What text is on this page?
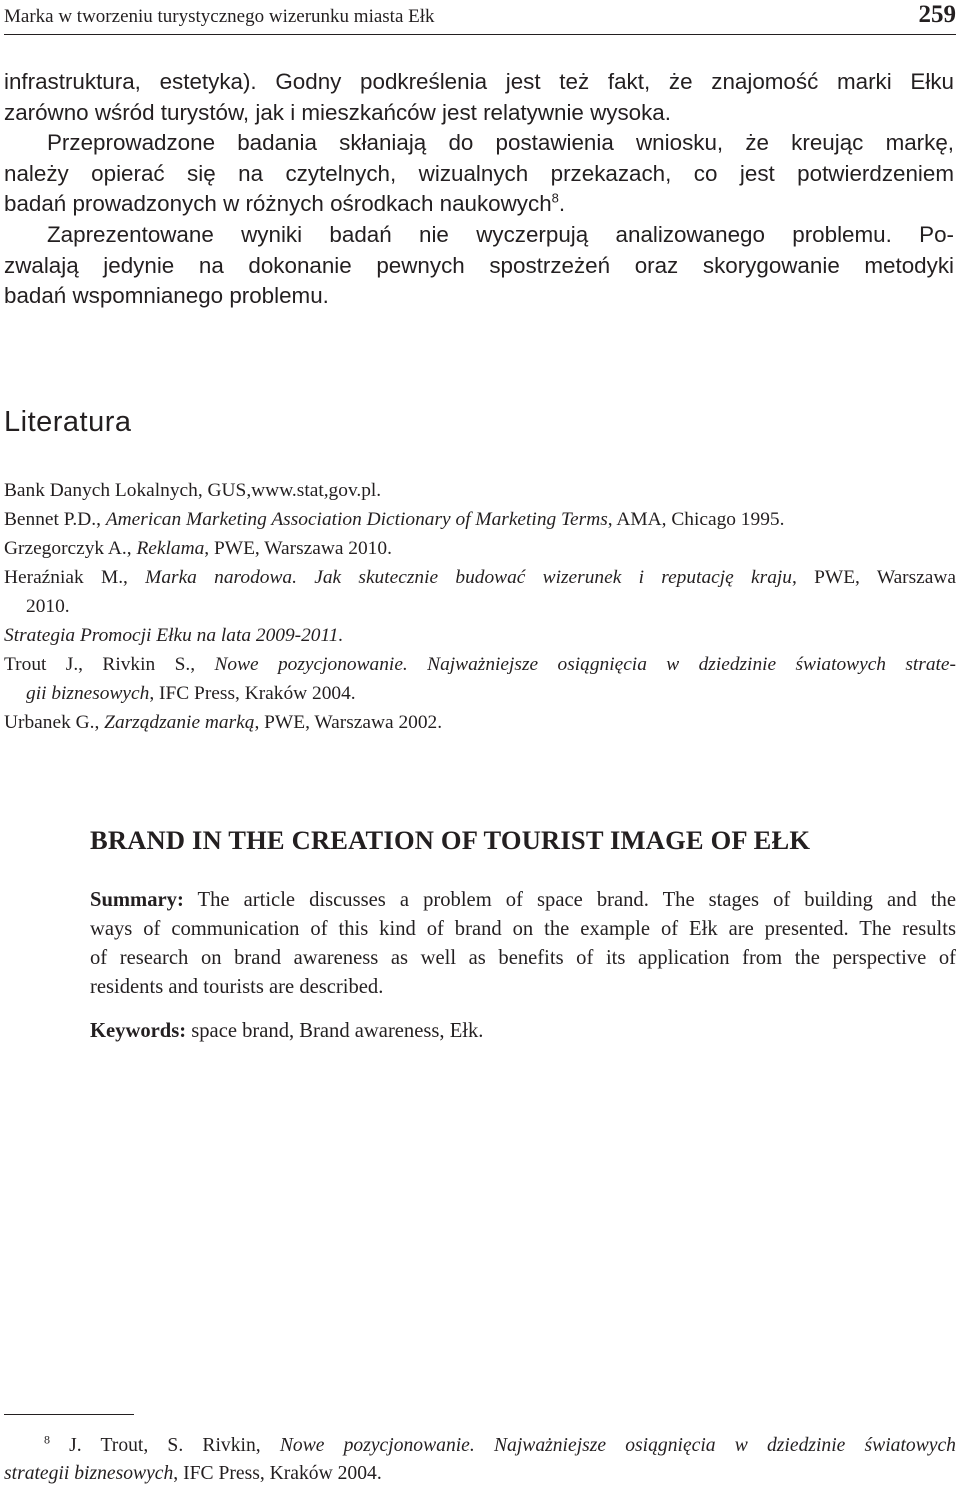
Marka w tworzeniu turystycznego wizerunku miasta Ełk	259
infrastruktura, estetyka). Godny podkreślenia jest też fakt, że znajomość marki Ełku
zarówno wśród turystów, jak i mieszkańców jest relatywnie wysoka.
Przeprowadzone badania skłaniają do postawienia wniosku, że kreując markę,
należy opierać się na czytelnych, wizualnych przekazach, co jest potwierdzeniem
badań prowadzonych w różnych ośrodkach naukowych$^8$.
Zaprezentowane wyniki badań nie wyczerpują analizowanego problemu. Po-
zwalają jedynie na dokonanie pewnych spostrzeżeń oraz skorygowanie metodyki
badań wspomnianego problemu.
Literatura
Bank Danych Lokalnych, GUS,www.stat,gov.pl.
Bennet P.D., American Marketing Association Dictionary of Marketing Terms, AMA, Chicago 1995.
Grzegorczyk A., Reklama, PWE, Warszawa 2010.
Heraźniak M., Marka narodowa. Jak skutecznie budować wizerunek i reputację kraju, PWE, Warszawa
2010.
Strategia Promocji Ełku na lata 2009-2011.
Trout J., Rivkin S., Nowe pozycjonowanie. Najważniejsze osiągnięcia w dziedzinie światowych strate-
gii biznesowych, IFC Press, Kraków 2004.
Urbanek G., Zarządzanie marką, PWE, Warszawa 2002.
BRAND IN THE CREATION OF TOURIST IMAGE OF EŁK
Summary: The article discusses a problem of space brand. The stages of building and the
ways of communication of this kind of brand on the example of Ełk are presented. The results
of research on brand awareness as well as benefits of its application from the perspective of
residents and tourists are described.
Keywords: space brand, Brand awareness, Ełk.
$^8$ J. Trout, S. Rivkin, Nowe pozycjonowanie. Najważniejsze osiągnięcia w dziedzinie światowych
strategii biznesowych, IFC Press, Kraków 2004.
